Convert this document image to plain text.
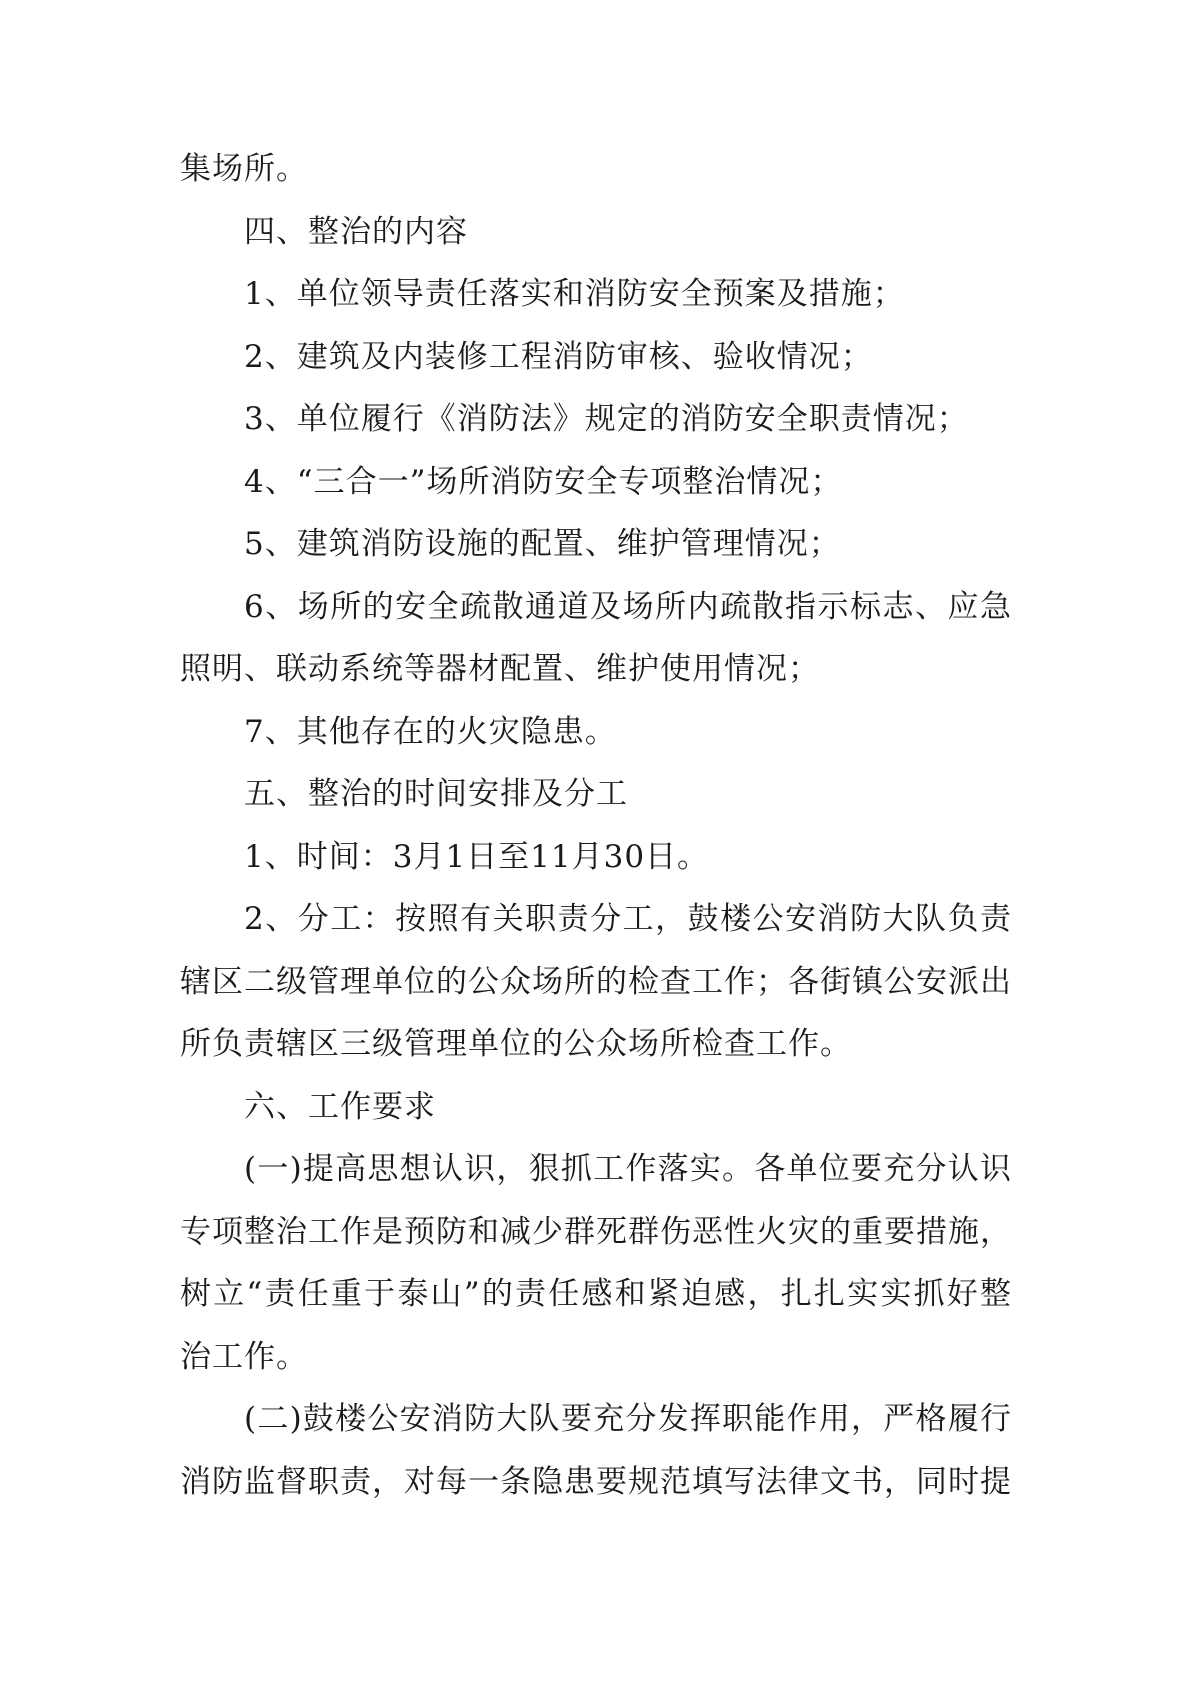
集场所。

四、整治的内容

1、单位领导责任落实和消防安全预案及措施；

2、建筑及内装修工程消防审核、验收情况；

3、单位履行《消防法》规定的消防安全职责情况；

4、“三合一”场所消防安全专项整治情况；

5、建筑消防设施的配置、维护管理情况；

6、场所的安全疏散通道及场所内疏散指示标志、应急照明、联动系统等器材配置、维护使用情况；

7、其他存在的火灾隐患。

五、整治的时间安排及分工

1、时间：3月1日至11月30日。

2、分工：按照有关职责分工，鼓楼公安消防大队负责辖区二级管理单位的公众场所的检查工作；各街镇公安派出所负责辖区三级管理单位的公众场所检查工作。

六、工作要求

(一)提高思想认识，狠抓工作落实。各单位要充分认识专项整治工作是预防和减少群死群伤恶性火灾的重要措施，树立“责任重于泰山”的责任感和紧迫感，扎扎实实抓好整治工作。

(二)鼓楼公安消防大队要充分发挥职能作用，严格履行消防监督职责，对每一条隐患要规范填写法律文书，同时提
